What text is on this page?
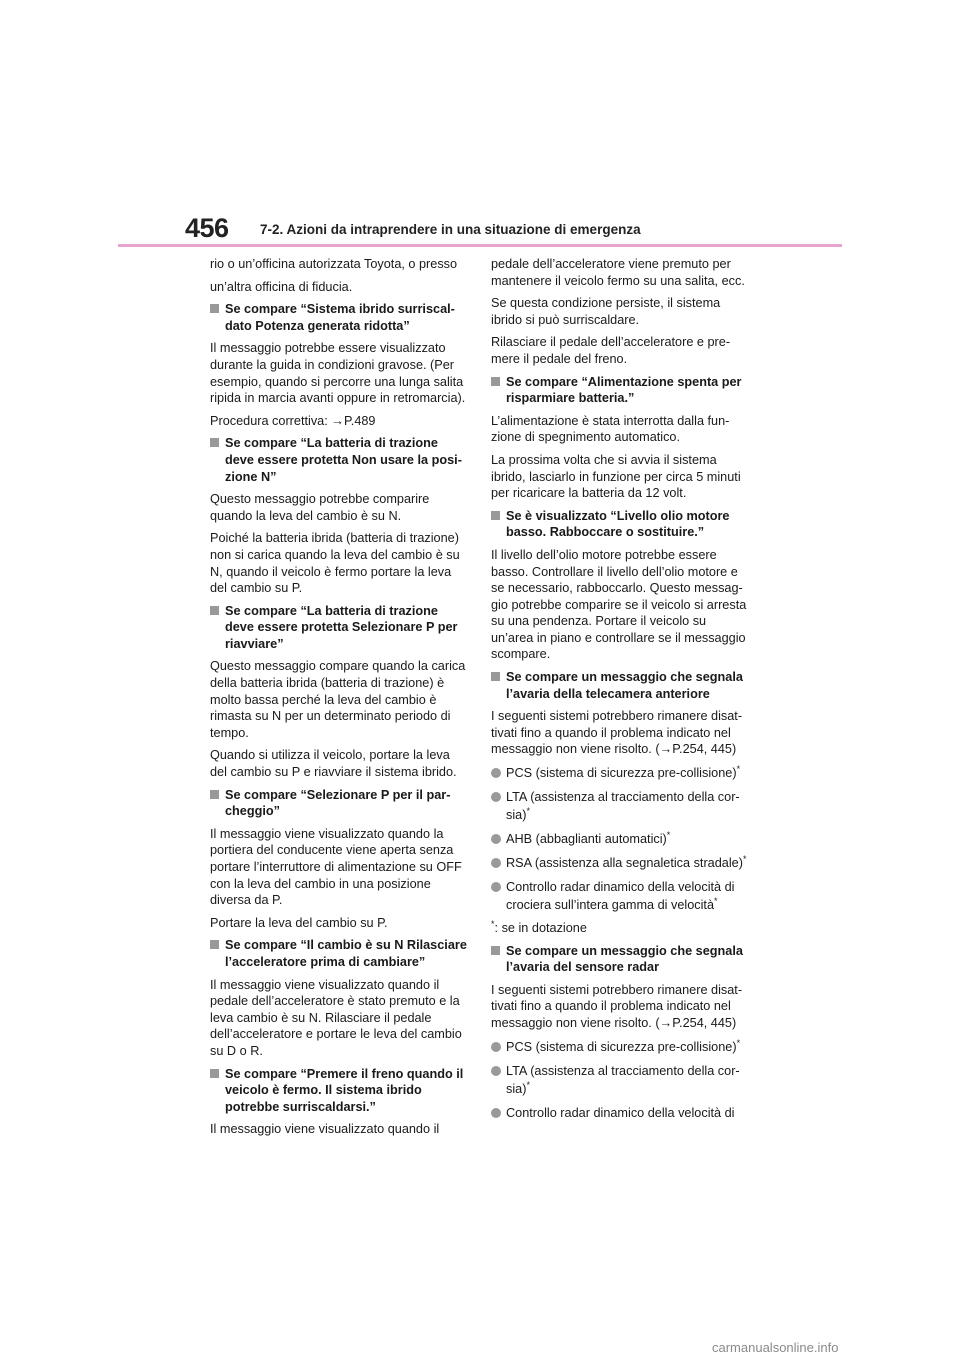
456 7-2. Azioni da intraprendere in una situazione di emergenza

rio o un’officina autorizzata Toyota, o presso

un’altra officina di fiducia.

Se compare “Sistema ibrido surriscal-dato Potenza generata ridotta”

Il messaggio potrebbe essere visualizzato durante la guida in condizioni gravose. (Per esempio, quando si percorre una lunga salita ripida in marcia avanti oppure in retromarcia).

Procedura correttiva: →P.489

Se compare “La batteria di trazione deve essere protetta Non usare la posi-zione N”

Questo messaggio potrebbe comparire quando la leva del cambio è su N.

Poiché la batteria ibrida (batteria di trazione) non si carica quando la leva del cambio è su N, quando il veicolo è fermo portare la leva del cambio su P.

Se compare “La batteria di trazione deve essere protetta Selezionare P per riavviare”

Questo messaggio compare quando la carica della batteria ibrida (batteria di trazione) è molto bassa perché la leva del cambio è rimasta su N per un determinato periodo di tempo.

Quando si utilizza il veicolo, portare la leva del cambio su P e riavviare il sistema ibrido.

Se compare “Selezionare P per il par-cheggio”

Il messaggio viene visualizzato quando la portiera del conducente viene aperta senza portare l’interruttore di alimentazione su OFF con la leva del cambio in una posizione diversa da P.

Portare la leva del cambio su P.

Se compare “Il cambio è su N Rilasciare l’acceleratore prima di cambiare”

Il messaggio viene visualizzato quando il pedale dell’acceleratore è stato premuto e la leva cambio è su N. Rilasciare il pedale dell’acceleratore e portare le leva del cambio su D o R.

Se compare “Premere il freno quando il veicolo è fermo. Il sistema ibrido potrebbe surriscaldarsi.”

Il messaggio viene visualizzato quando il

pedale dell’acceleratore viene premuto per mantenere il veicolo fermo su una salita, ecc.

Se questa condizione persiste, il sistema ibrido si può surriscaldare.

Rilasciare il pedale dell’acceleratore e pre-mere il pedale del freno.

Se compare “Alimentazione spenta per risparmiare batteria.”

L’alimentazione è stata interrotta dalla fun-zione di spegnimento automatico.

La prossima volta che si avvia il sistema ibrido, lasciarlo in funzione per circa 5 minuti per ricaricare la batteria da 12 volt.

Se è visualizzato “Livello olio motore basso. Rabboccare o sostituire.”

Il livello dell’olio motore potrebbe essere basso. Controllare il livello dell’olio motore e se necessario, rabboccarlo. Questo messag-gio potrebbe comparire se il veicolo si arresta su una pendenza. Portare il veicolo su un’area in piano e controllare se il messaggio scompare.

Se compare un messaggio che segnala l’avaria della telecamera anteriore

I seguenti sistemi potrebbero rimanere disat-tivati fino a quando il problema indicato nel messaggio non viene risolto. (→P.254, 445)

PCS (sistema di sicurezza pre-collisione)*
LTA (assistenza al tracciamento della cor-sia)*
AHB (abbaglianti automatici)*
RSA (assistenza alla segnaletica stradale)*
Controllo radar dinamico della velocità di crociera sull’intera gamma di velocità*

*: se in dotazione

Se compare un messaggio che segnala l’avaria del sensore radar

I seguenti sistemi potrebbero rimanere disat-tivati fino a quando il problema indicato nel messaggio non viene risolto. (→P.254, 445)

PCS (sistema di sicurezza pre-collisione)*
LTA (assistenza al tracciamento della cor-sia)*
Controllo radar dinamico della velocità di
carmanualsonline.info
